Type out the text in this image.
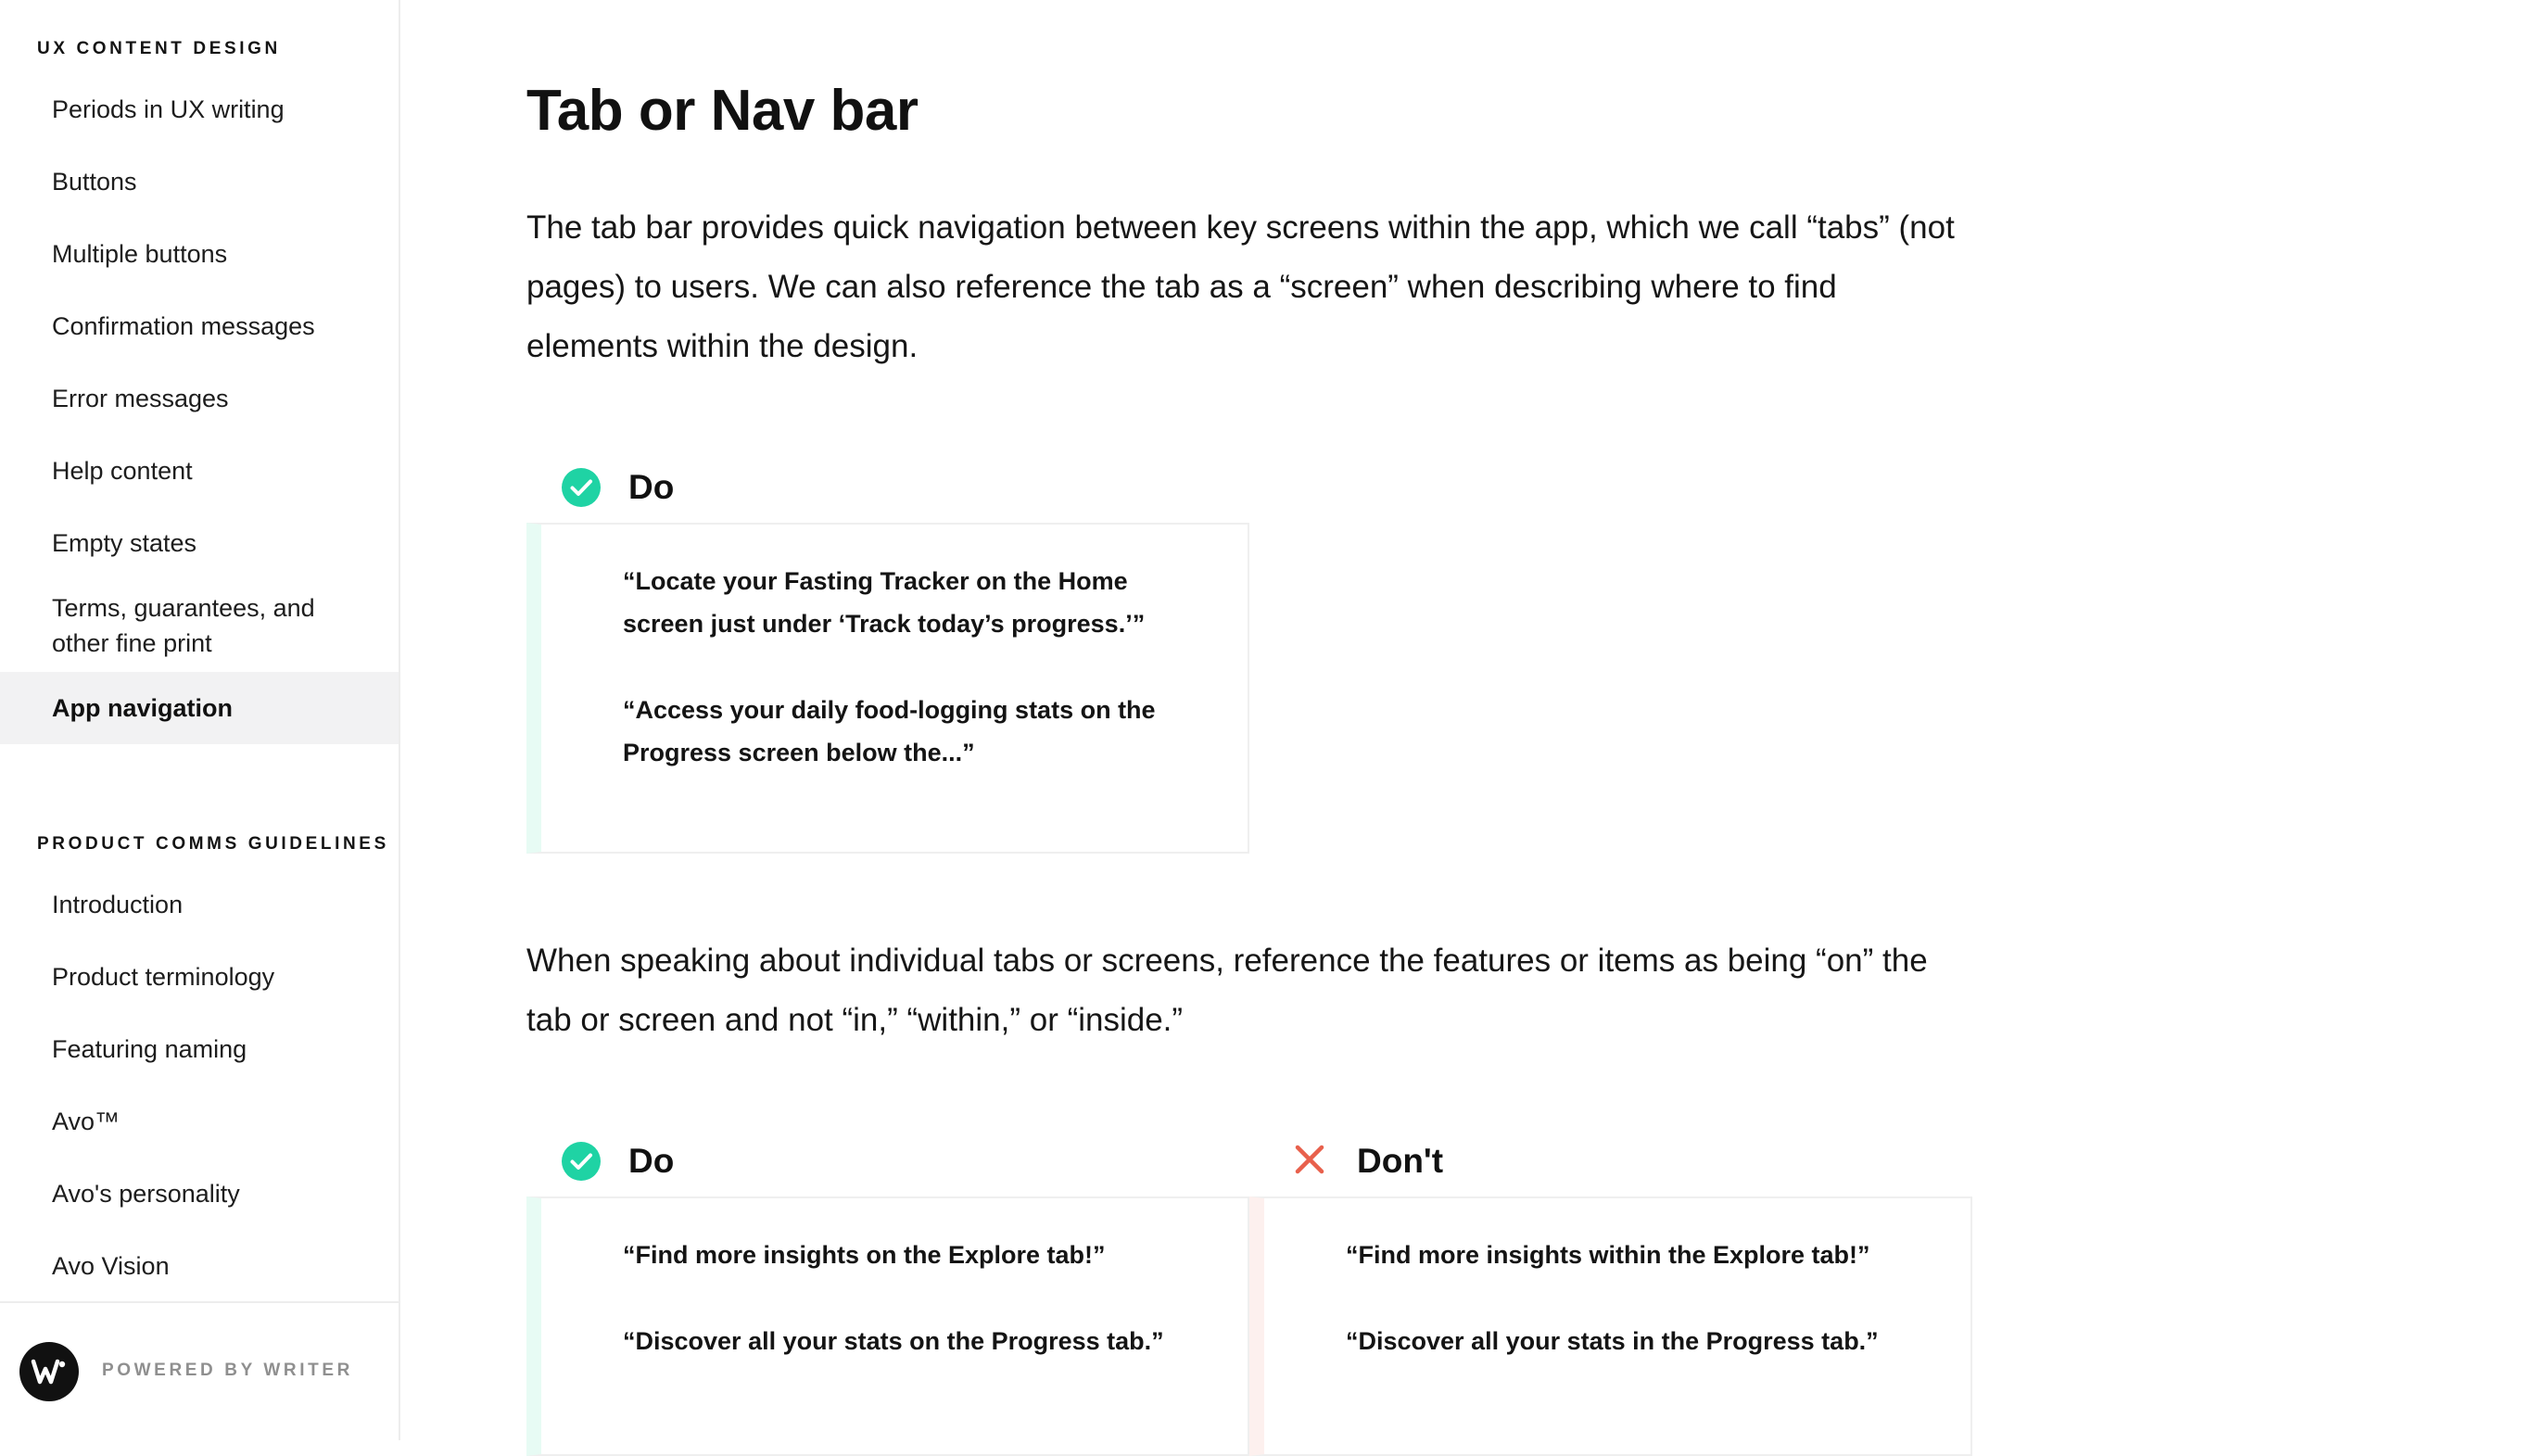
UX CONTENT DESIGN
Periods in UX writing
Buttons
Multiple buttons
Confirmation messages
Error messages
Help content
Empty states
Terms, guarantees, and other fine print
App navigation
PRODUCT COMMS GUIDELINES
Introduction
Product terminology
Featuring naming
Avo™
Avo's personality
Avo Vision
POWERED BY WRITER
Tab or Nav bar

The tab bar provides quick navigation between key screens within the app, which we call “tabs” (not pages) to users. We can also reference the tab as a “screen” when describing where to find elements within the design.

Do

“Locate your Fasting Tracker on the Home screen just under ‘Track today’s progress.’”

“Access your daily food-logging stats on the Progress screen below the...”

When speaking about individual tabs or screens, reference the features or items as being “on” the tab or screen and not “in,” “within,” or “inside.”

Do

“Find more insights on the Explore tab!”

“Discover all your stats on the Progress tab.”

Don't

“Find more insights within the Explore tab!”

“Discover all your stats in the Progress tab.”
